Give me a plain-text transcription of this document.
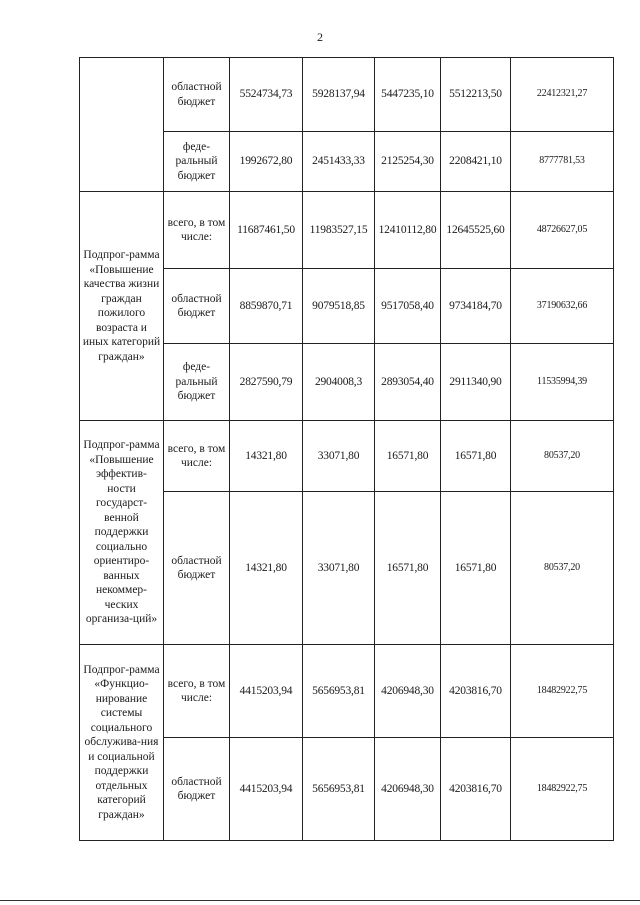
2
	областной бюджет	5524734,73	5928137,94	5447235,10	5512213,50	22412321,27
	феде-ральный бюджет	1992672,80	2451433,33	2125254,30	2208421,10	8777781,53
Подпрог-рамма «Повышение качества жизни граждан пожилого возраста и иных категорий граждан»	всего, в том числе:	11687461,50	11983527,15	12410112,80	12645525,60	48726627,05
	областной бюджет	8859870,71	9079518,85	9517058,40	9734184,70	37190632,66
	феде-ральный бюджет	2827590,79	2904008,3	2893054,40	2911340,90	11535994,39
Подпрог-рамма «Повышение эффектив-ности государст-венной поддержки социально ориентиро-ванных некоммер-ческих организа-ций»	всего, в том числе:	14321,80	33071,80	16571,80	16571,80	80537,20
	областной бюджет	14321,80	33071,80	16571,80	16571,80	80537,20
Подпрог-рамма «Функцио-нирование системы социального обслужива-ния и социальной поддержки отдельных категорий граждан»	всего, в том числе:	4415203,94	5656953,81	4206948,30	4203816,70	18482922,75
	областной бюджет	4415203,94	5656953,81	4206948,30	4203816,70	18482922,75
